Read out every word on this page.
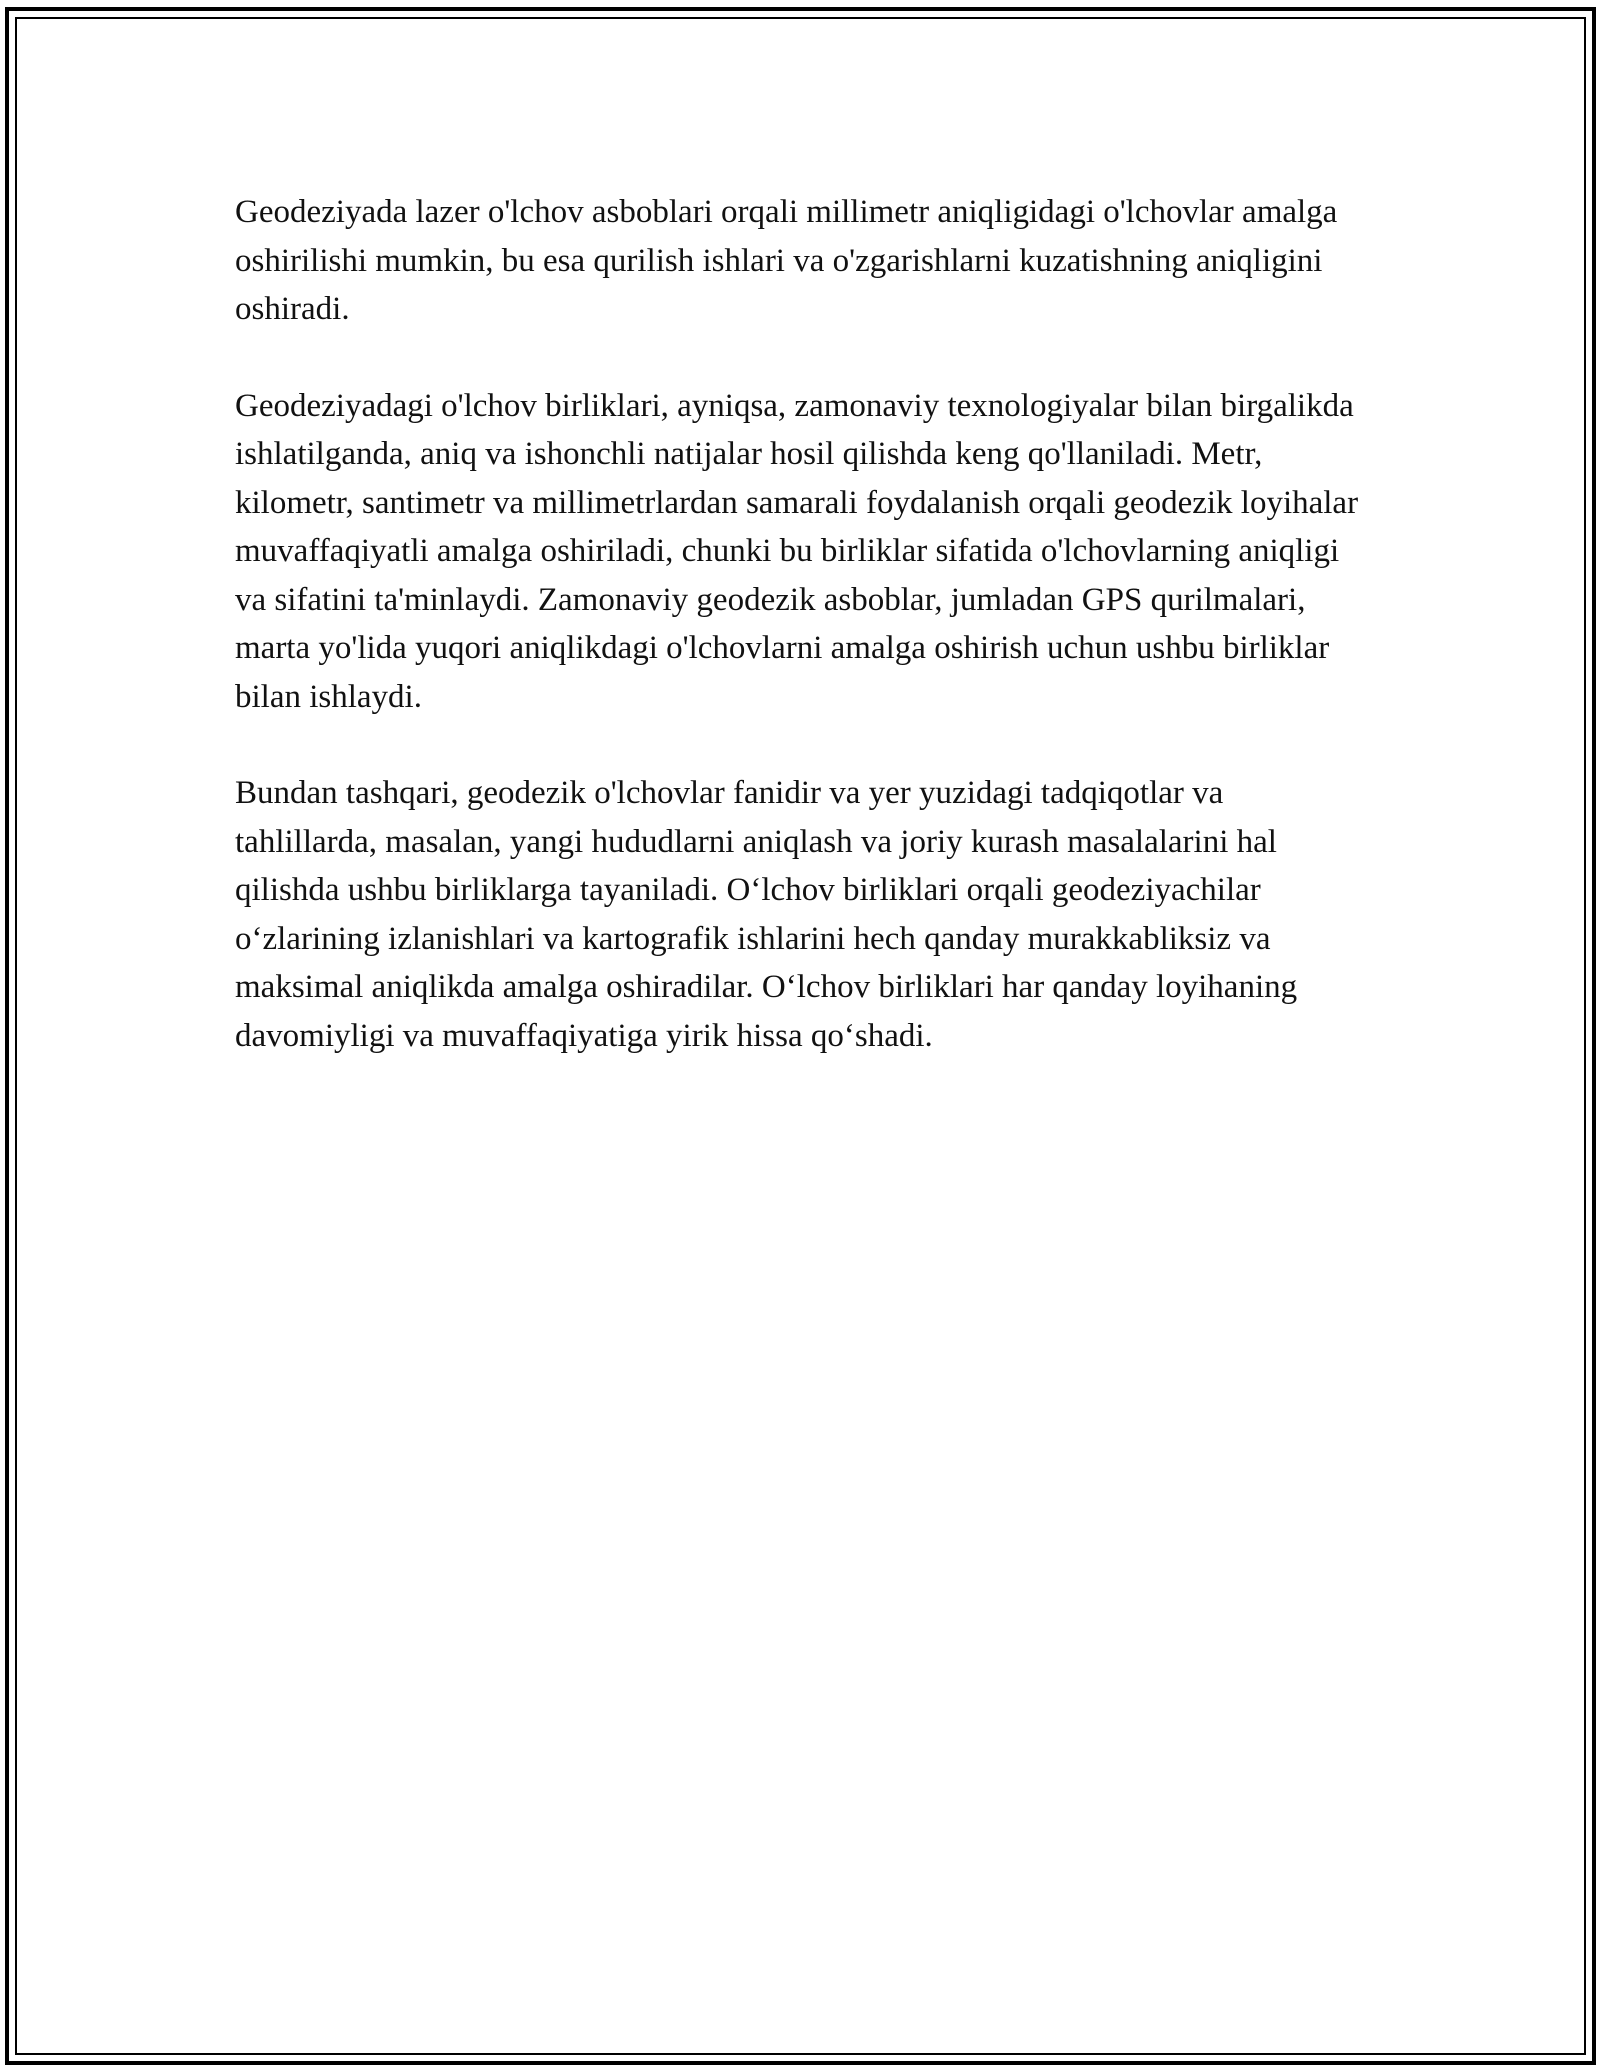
Geodeziyada lazer o'lchov asboblari orqali millimetr aniqligidagi o'lchovlar amalga oshirilishi mumkin, bu esa qurilish ishlari va o'zgarishlarni kuzatishning aniqligini oshiradi.

Geodeziyadagi o'lchov birliklari, ayniqsa, zamonaviy texnologiyalar bilan birgalikda ishlatilganda, aniq va ishonchli natijalar hosil qilishda keng qo'llaniladi. Metr, kilometr, santimetr va millimetrlardan samarali foydalanish orqali geodezik loyihalar muvaffaqiyatli amalga oshiriladi, chunki bu birliklar sifatida o'lchovlarning aniqligi va sifatini ta'minlaydi. Zamonaviy geodezik asboblar, jumladan GPS qurilmalari, marta yo'lida yuqori aniqlikdagi o'lchovlarni amalga oshirish uchun ushbu birliklar bilan ishlaydi.

Bundan tashqari, geodezik o'lchovlar fanidir va yer yuzidagi tadqiqotlar va tahlillarda, masalan, yangi hududlarni aniqlash va joriy kurash masalalarini hal qilishda ushbu birliklarga tayaniladi. O‘lchov birliklari orqali geodeziyachilar o‘zlarining izlanishlari va kartografik ishlarini hech qanday murakkabliksiz va maksimal aniqlikda amalga oshiradilar. O‘lchov birliklari har qanday loyihaning davomiyligi va muvaffaqiyatiga yirik hissa qo‘shadi.
